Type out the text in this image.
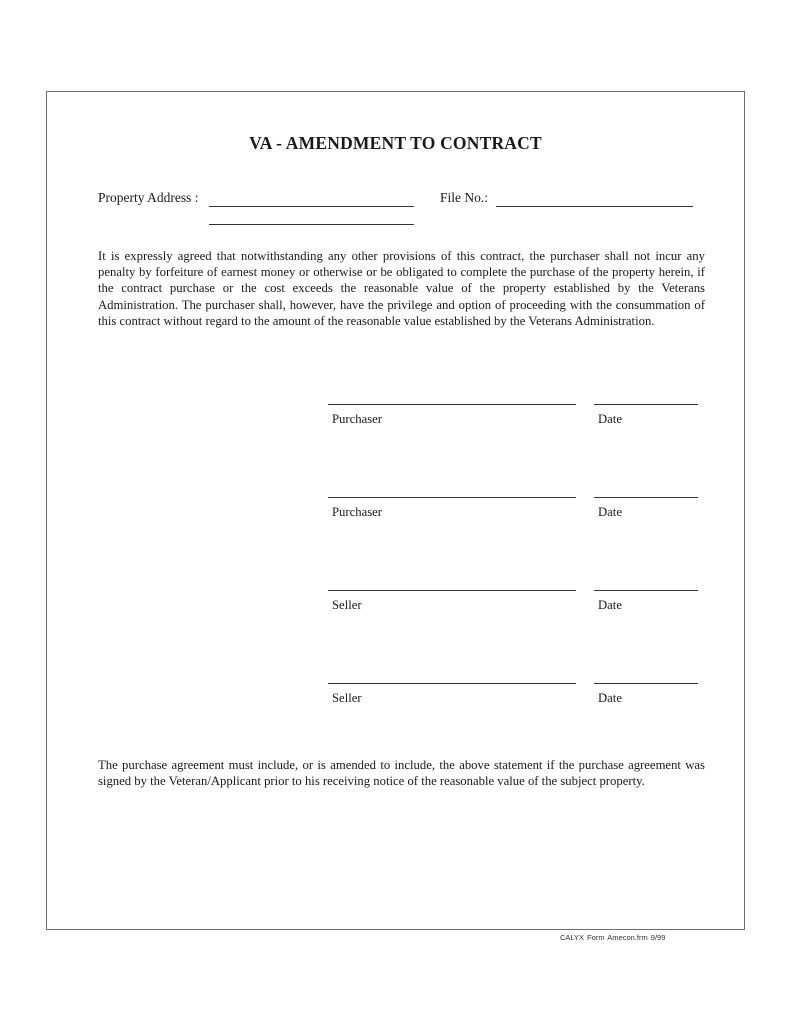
VA - AMENDMENT TO CONTRACT
Property Address :	File No.:
It is expressly agreed that notwithstanding any other provisions of this contract, the purchaser shall not incur any penalty by forfeiture of earnest money or otherwise or be obligated to complete the purchase of the property herein, if the contract purchase or the cost exceeds the reasonable value of the property established by the Veterans Administration. The purchaser shall, however, have the privilege and option of proceeding with the consummation of this contract without regard to the amount of the reasonable value established by the Veterans Administration.
Purchaser	Date
Purchaser	Date
Seller	Date
Seller	Date
The purchase agreement must include, or is amended to include, the above statement if the purchase agreement was signed by the Veteran/Applicant prior to his receiving notice of the reasonable value of the subject property.
CALYX Form Amecon.frm 9/99
